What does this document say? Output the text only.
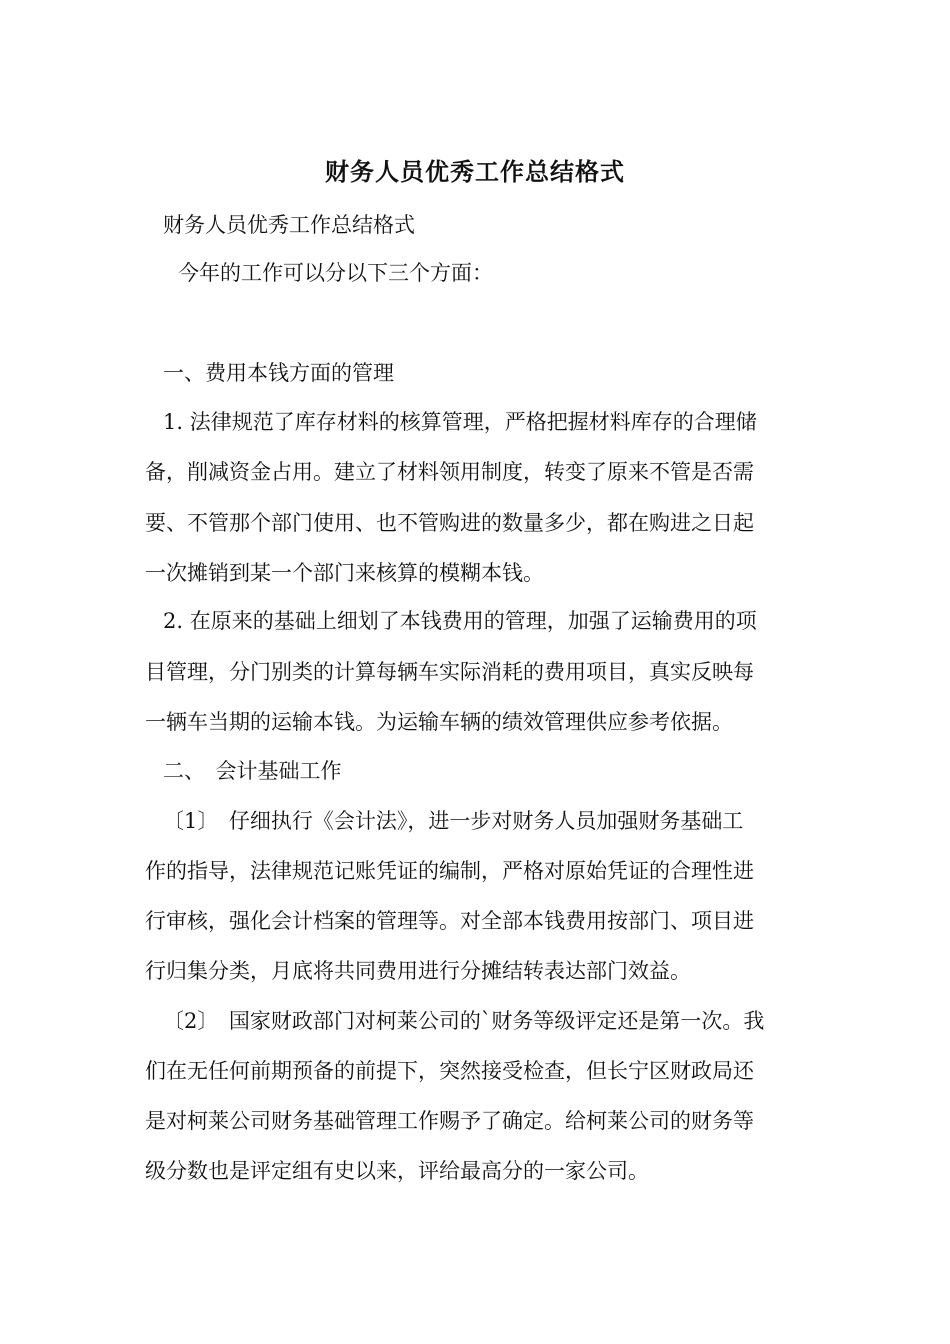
财务人员优秀工作总结格式
财务人员优秀工作总结格式
今年的工作可以分以下三个方面：
一、费用本钱方面的管理
1. 法律规范了库存材料的核算管理，严格把握材料库存的合理储
备，削减资金占用。建立了材料领用制度，转变了原来不管是否需
要、不管那个部门使用、也不管购进的数量多少，都在购进之日起
一次摊销到某一个部门来核算的模糊本钱。
2. 在原来的基础上细划了本钱费用的管理，加强了运输费用的项
目管理，分门别类的计算每辆车实际消耗的费用项目，真实反映每
一辆车当期的运输本钱。为运输车辆的绩效管理供应参考依据。
二、　会计基础工作
〔1〕　仔细执行《会计法》，进一步对财务人员加强财务基础工
作的指导，法律规范记账凭证的编制，严格对原始凭证的合理性进
行审核，强化会计档案的管理等。对全部本钱费用按部门、项目进
行归集分类，月底将共同费用进行分摊结转表达部门效益。
〔2〕　国家财政部门对柯莱公司的`财务等级评定还是第一次。我
们在无任何前期预备的前提下，突然接受检查，但长宁区财政局还
是对柯莱公司财务基础管理工作赐予了确定。给柯莱公司的财务等
级分数也是评定组有史以来，评给最高分的一家公司。
